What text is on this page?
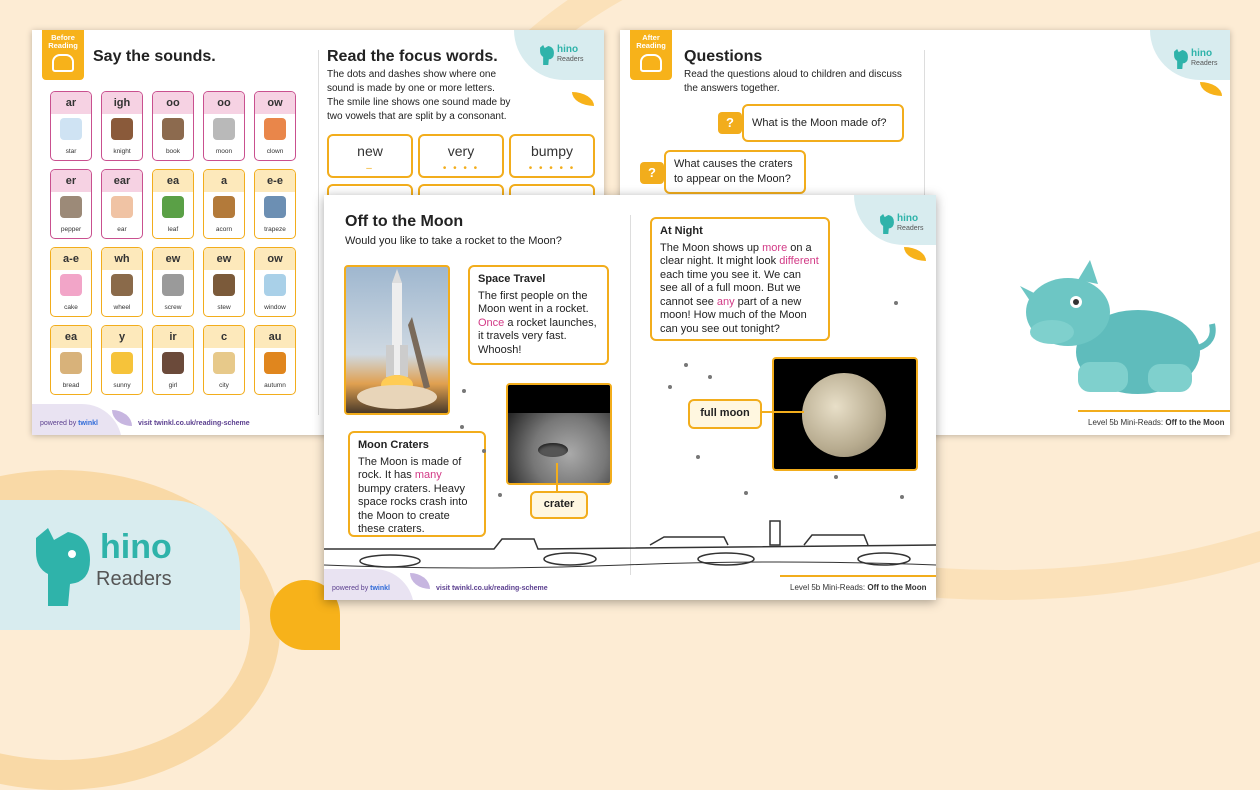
hino
Readers
Before Reading
Say the sounds.
ar
star
igh
knight
oo
book
oo
moon
ow
clown
er
pepper
ear
ear
ea
leaf
a
acorn
e-e
trapeze
a-e
cake
wh
wheel
ew
screw
ew
stew
ow
window
ea
bread
y
sunny
ir
girl
c
city
au
autumn
Read the focus words.
The dots and dashes show where one sound is made by one or more letters. The smile line shows one sound made by two vowels that are split by a consonant.
new
‒
very
• • • •
bumpy
• • • • •
hino
Readers
powered by twinkl	visit twinkl.co.uk/reading-scheme
After Reading
Questions
Read the questions aloud to children and discuss the answers together.
?	What is the Moon made of?
?
What causes the craters to appear on the Moon?
hino
Readers
Level 5b Mini-Reads: Off to the Moon
Off to the Moon
Would you like to take a rocket to the Moon?
Space Travel
The first people on the Moon went in a rocket. Once a rocket launches, it travels very fast. Whoosh!
crater
Moon Craters
The Moon is made of rock. It has many bumpy craters. Heavy space rocks crash into the Moon to create these craters.
At Night
The Moon shows up more on a clear night. It might look different each time you see it. We can see all of a full moon. But we cannot see any part of a new moon! How much of the Moon can you see out tonight?
hino
Readers
full moon
powered by twinkl	visit twinkl.co.uk/reading-scheme	Level 5b Mini-Reads: Off to the Moon
